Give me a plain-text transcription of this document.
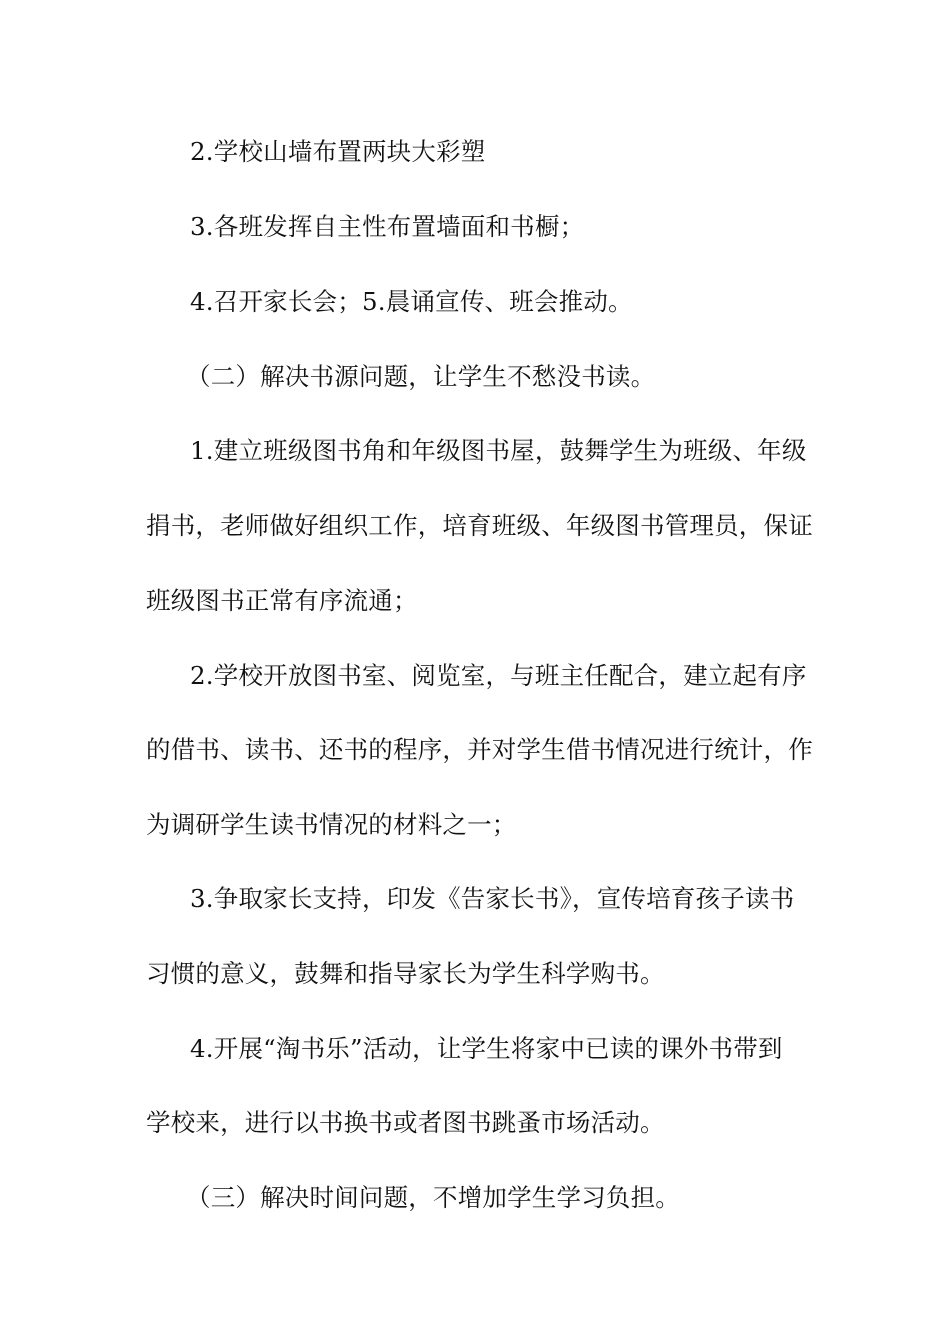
2.学校山墙布置两块大彩塑
3.各班发挥自主性布置墙面和书橱；
4.召开家长会；5.晨诵宣传、班会推动。
（二）解决书源问题，让学生不愁没书读。
1.建立班级图书角和年级图书屋，鼓舞学生为班级、年级
捐书，老师做好组织工作，培育班级、年级图书管理员，保证
班级图书正常有序流通；
2.学校开放图书室、阅览室，与班主任配合，建立起有序
的借书、读书、还书的程序，并对学生借书情况进行统计，作
为调研学生读书情况的材料之一；
3.争取家长支持，印发《告家长书》，宣传培育孩子读书
习惯的意义，鼓舞和指导家长为学生科学购书。
4.开展“淘书乐”活动，让学生将家中已读的课外书带到
学校来，进行以书换书或者图书跳蚤市场活动。
（三）解决时间问题，不增加学生学习负担。
